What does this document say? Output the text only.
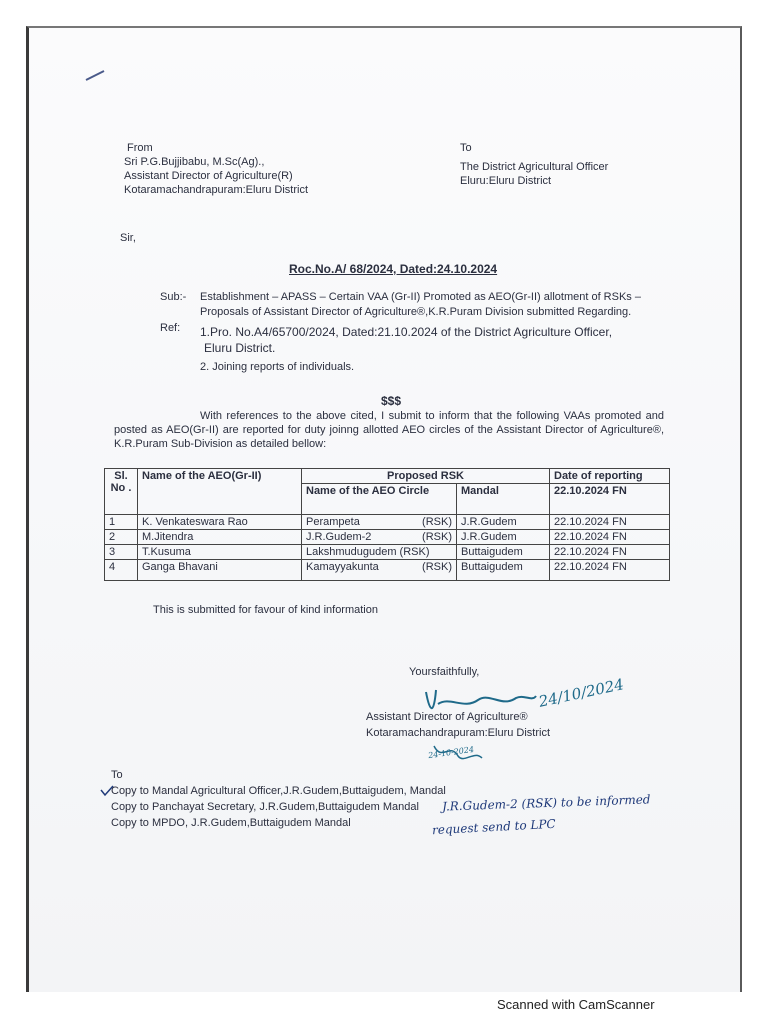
From
Sri P.G.Bujjibabu, M.Sc(Ag).,
Assistant Director of Agriculture(R)
Kotaramachandrapuram:Eluru District
To
The District Agricultural Officer
Eluru:Eluru District
Sir,
Roc.No.A/ 68/2024, Dated:24.10.2024
Sub:- Establishment – APASS – Certain VAA (Gr-II) Promoted as AEO(Gr-II) allotment of RSKs –
Proposals of Assistant Director of Agriculture®,K.R.Puram Division submitted Regarding.
Ref: 1.Pro. No.A4/65700/2024, Dated:21.10.2024 of the District Agriculture Officer,
Eluru District.
2. Joining reports of individuals.
$$$
With references to the above cited, I submit to inform that the following VAAs promoted and posted as AEO(Gr-II) are reported for duty joinng allotted AEO circles of the Assistant Director of Agriculture®, K.R.Puram Sub-Division as detailed bellow:
Sl. No .	Name of the AEO(Gr-II)	Proposed RSK		Date of reporting
		Name of the AEO Circle	Mandal	22.10.2024 FN
1	K. Venkateswara Rao	Perampeta (RSK)	J.R.Gudem	22.10.2024 FN
2	M.Jitendra	J.R.Gudem-2 (RSK)	J.R.Gudem	22.10.2024 FN
3	T.Kusuma	Lakshmudugudem (RSK)	Buttaigudem	22.10.2024 FN
4	Ganga Bhavani	Kamayyakunta (RSK)	Buttaigudem	22.10.2024 FN
This is submitted for favour of kind information
Yoursfaithfully,
24/10/2024
Assistant Director of Agriculture®
Kotaramachandrapuram:Eluru District
24-10-2024
To
Copy to Mandal Agricultural Officer,J.R.Gudem,Buttaigudem, Mandal
Copy to Panchayat Secretary, J.R.Gudem,Buttaigudem Mandal
Copy to MPDO, J.R.Gudem,Buttaigudem Mandal
J.R.Gudem-2 (RSK) to be informed
request send to LPC
Scanned with CamScanner
